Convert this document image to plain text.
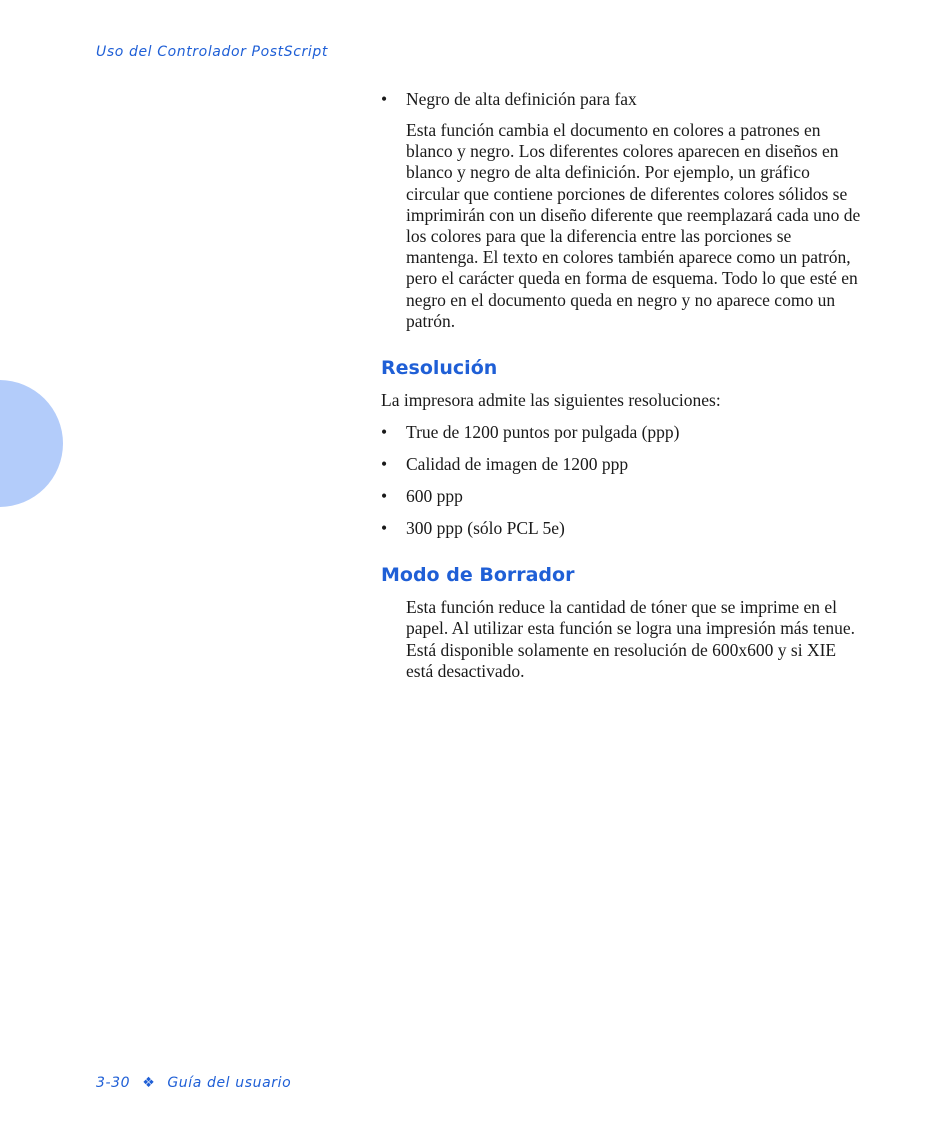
Uso del Controlador PostScript

• Negro de alta definición para fax

Esta función cambia el documento en colores a patrones en blanco y negro. Los diferentes colores aparecen en diseños en blanco y negro de alta definición. Por ejemplo, un gráfico circular que contiene porciones de diferentes colores sólidos se imprimirán con un diseño diferente que reemplazará cada uno de los colores para que la diferencia entre las porciones se mantenga. El texto en colores también aparece como un patrón, pero el carácter queda en forma de esquema. Todo lo que esté en negro en el documento queda en negro y no aparece como un patrón.

Resolución

La impresora admite las siguientes resoluciones:

• True de 1200 puntos por pulgada (ppp)
• Calidad de imagen de 1200 ppp
• 600 ppp
• 300 ppp (sólo PCL 5e)
Modo de Borrador

Esta función reduce la cantidad de tóner que se imprime en el papel. Al utilizar esta función se logra una impresión más tenue. Está disponible solamente en resolución de 600x600 y si XIE está desactivado.

3-30 ❖ Guía del usuario
